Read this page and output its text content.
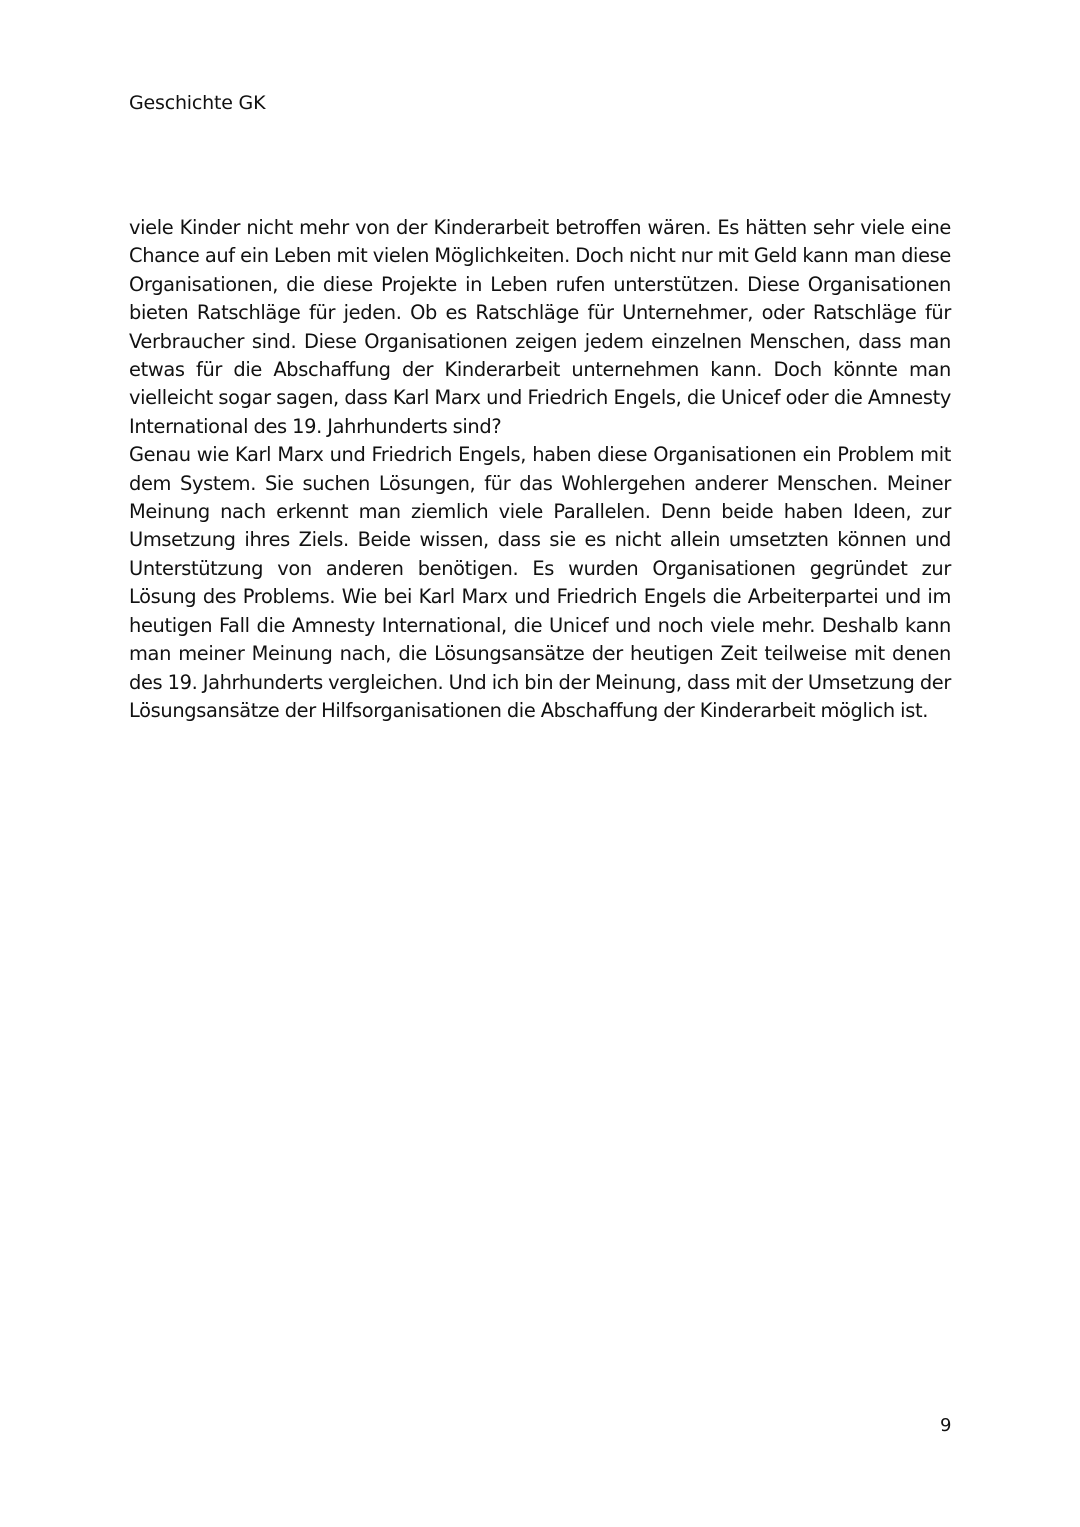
Geschichte GK

viele Kinder nicht mehr von der Kinderarbeit betroffen wären. Es hätten sehr viele eine Chance auf ein Leben mit vielen Möglichkeiten. Doch nicht nur mit Geld kann man diese Organisationen, die diese Projekte in Leben rufen unterstützen. Diese Organisationen bieten Ratschläge für jeden. Ob es Ratschläge für Unternehmer, oder Ratschläge für Verbraucher sind. Diese Organisationen zeigen jedem einzelnen Menschen, dass man etwas für die Abschaffung der Kinderarbeit unternehmen kann. Doch könnte man vielleicht sogar sagen, dass Karl Marx und Friedrich Engels, die Unicef oder die Amnesty International des 19. Jahrhunderts sind?

Genau wie Karl Marx und Friedrich Engels, haben diese Organisationen ein Problem mit dem System. Sie suchen Lösungen, für das Wohlergehen anderer Menschen. Meiner Meinung nach erkennt man ziemlich viele Parallelen. Denn beide haben Ideen, zur Umsetzung ihres Ziels. Beide wissen, dass sie es nicht allein umsetzten können und Unterstützung von anderen benötigen. Es wurden Organisationen gegründet zur Lösung des Problems. Wie bei Karl Marx und Friedrich Engels die Arbeiterpartei und im heutigen Fall die Amnesty International, die Unicef und noch viele mehr. Deshalb kann man meiner Meinung nach, die Lösungsansätze der heutigen Zeit teilweise mit denen des 19. Jahrhunderts vergleichen. Und ich bin der Meinung, dass mit der Umsetzung der Lösungsansätze der Hilfsorganisationen die Abschaffung der Kinderarbeit möglich ist.

9
